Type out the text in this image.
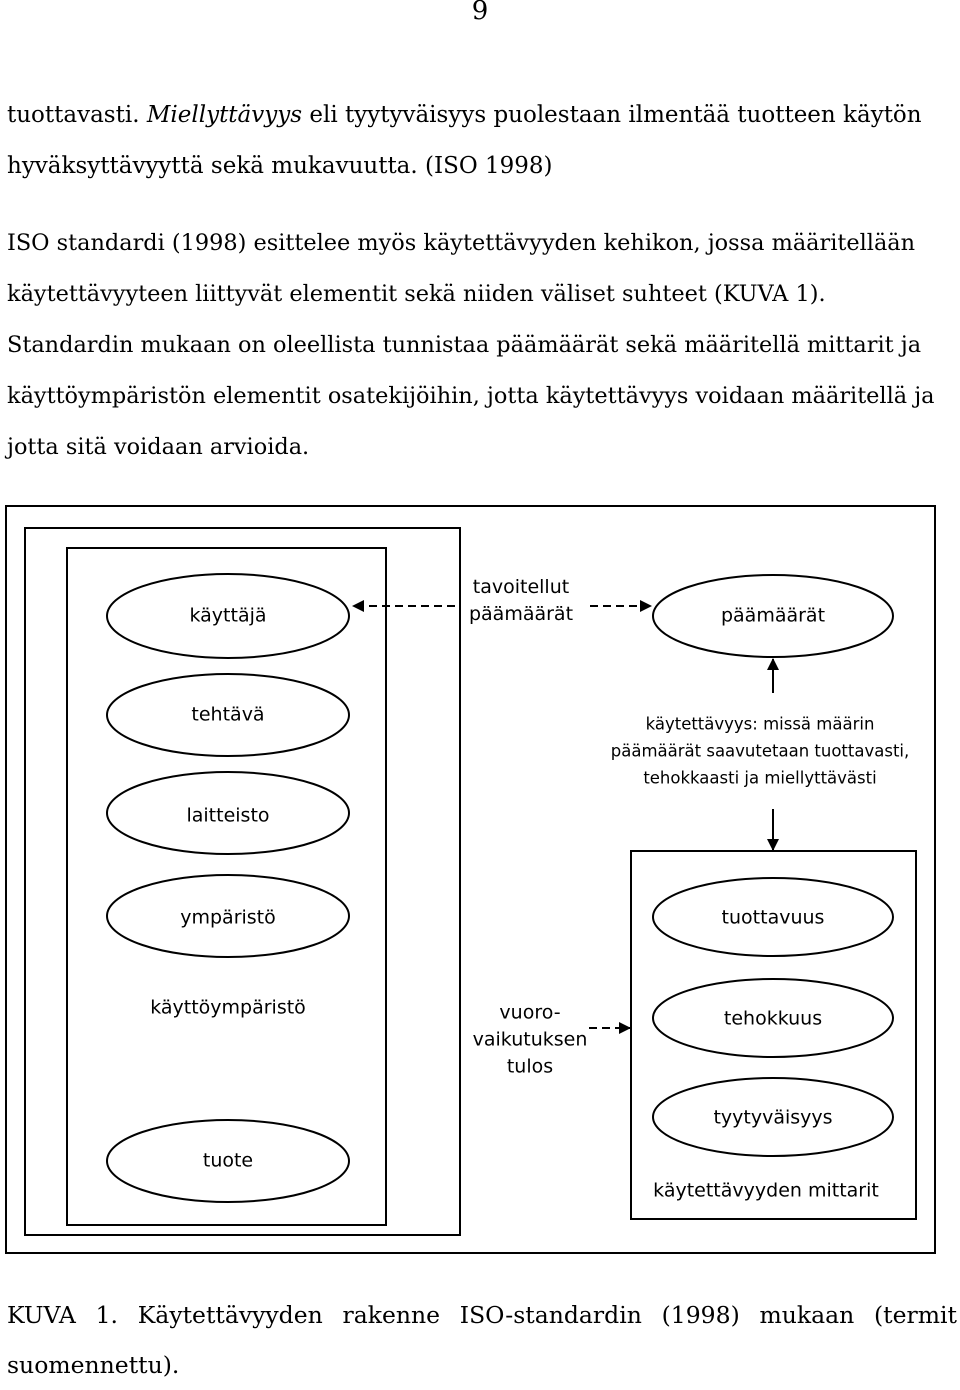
9

tuottavasti. Miellyttävyys eli tyytyväisyys puolestaan ilmentää tuotteen käytön hyväksyttävyyttä sekä mukavuutta. (ISO 1998)

ISO standardi (1998) esittelee myös käytettävyyden kehikon, jossa määritellään käytettävyyteen liittyvät elementit sekä niiden väliset suhteet (KUVA 1). Standardin mukaan on oleellista tunnistaa päämäärät sekä määritellä mittarit ja käyttöympäristön elementit osatekijöihin, jotta käytettävyys voidaan määritellä ja jotta sitä voidaan arvioida.

käyttäjä
tavoitellut
päämäärät	päämäärät
tehtävä
laitteisto
ympäristö
käyttöympäristö
tuote
käytettävyys: missä määrin
päämäärät saavutetaan tuottavasti,
tehokkaasti ja miellyttävästi
tuottavuus
tehokkuus
tyytyväisyys
käytettävyyden mittarit
vuoro-
vaikutuksen
tulos

KUVA 1. Käytettävyyden rakenne ISO-standardin (1998) mukaan (termit suomennettu).
